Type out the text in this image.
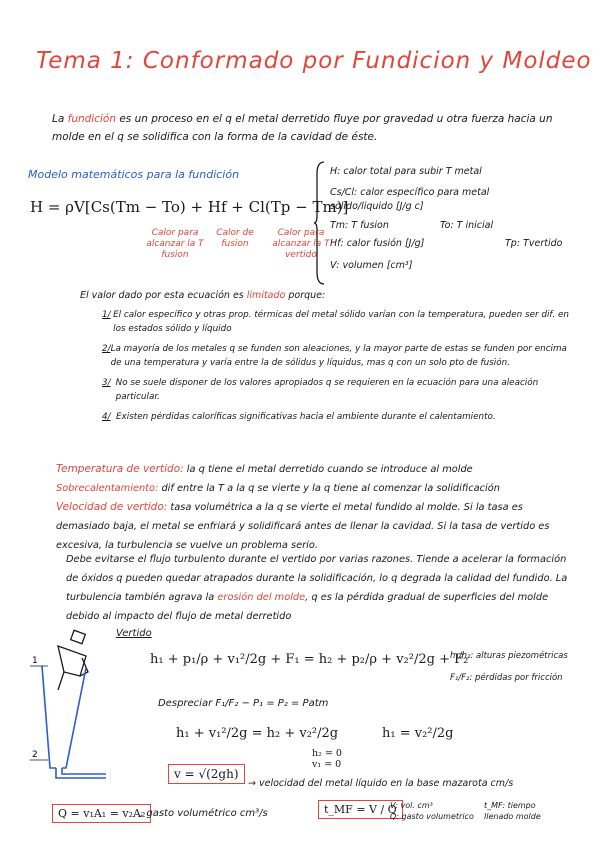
Tema 1: Conformado por Fundicion y Moldeo
La fundición es un proceso en el q el metal derretido fluye por gravedad u otra fuerza hacia un molde en el q se solidifica con la forma de la cavidad de éste.
Modelo matemáticos para la fundición
H = ρV[Cs(Tm − To) + Hf + Cl(Tp − Tm)]
Calor para alcanzar la T fusion
Calor de fusion
Calor para alcanzar la T vertido
H: calor total para subir T metal
Cs/Cl: calor específico para metal solido/liquido [J/g c]
Tm: T fusion	To: T inicial
Hf: calor fusión [J/g]	Tp: Tvertido
V: volumen [cm³]
El valor dado por esta ecuación es limitado porque:
1/ El calor específico y otras prop. térmicas del metal sólido varían con la temperatura, pueden ser dif. en los estados sólido y líquido
2/ La mayoría de los metales q se funden son aleaciones, y la mayor parte de estas se funden por encima de una temperatura y varía entre la de sólidus y líquidus, mas q con un solo pto de fusión.
3/ No se suele disponer de los valores apropiados q se requieren en la ecuación para una aleación particular.
4/ Existen pérdidas caloríficas significativas hacia el ambiente durante el calentamiento.
Temperatura de vertido: la q tiene el metal derretido cuando se introduce al molde
Sobrecalentamiento: dif entre la T a la q se vierte y la q tiene al comenzar la solidificación
Velocidad de vertido: tasa volumétrica a la q se vierte el metal fundido al molde. Si la tasa es demasiado baja, el metal se enfriará y solidificará antes de llenar la cavidad. Si la tasa de vertido es excesiva, la turbulencia se vuelve un problema serio.
Debe evitarse el flujo turbulento durante el vertido por varias razones. Tiende a acelerar la formación de óxidos q pueden quedar atrapados durante la solidificación, lo q degrada la calidad del fundido. La turbulencia también agrava la erosión del molde, q es la pérdida gradual de superficies del molde debido al impacto del flujo de metal derretido
1
2
Vertido
h₁ + p₁/ρ + v₁²/2g + F₁ = h₂ + p₂/ρ + v₂²/2g + F₂
h₁/h₂: alturas piezométricas
F₁/F₂: pérdidas por fricción
Despreciar F₁/F₂ − P₁ = P₂ = Patm
h₁ + v₁²/2g = h₂ + v₂²/2g
h₂ = 0
v₁ = 0
h₁ = v₂²/2g
v = √(2gh)
→ velocidad del metal líquido en la base mazarota cm/s
Q = v₁A₁ = v₂A₂
, gasto volumétrico cm³/s	t_MF = V / Q
V: vol. cm³
Q: gasto volumetrico
t_MF: tiempo llenado molde
